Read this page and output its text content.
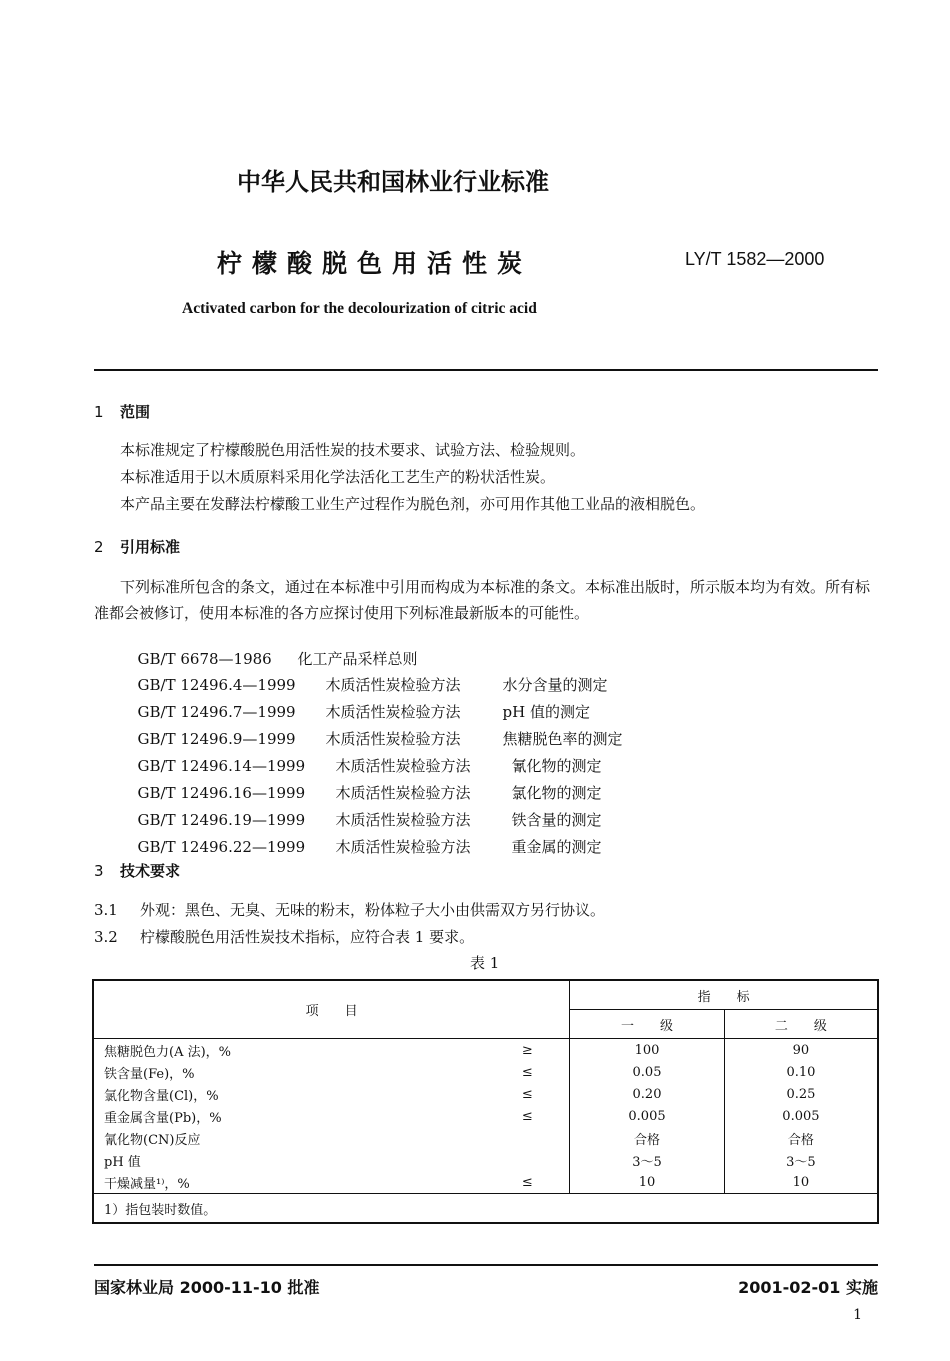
中华人民共和国林业行业标准
柠檬酸脱色用活性炭	LY/T 1582—2000
Activated carbon for the decolourization of citric acid
1 范围
本标准规定了柠檬酸脱色用活性炭的技术要求、试验方法、检验规则。
本标准适用于以木质原料采用化学法活化工艺生产的粉状活性炭。
本产品主要在发酵法柠檬酸工业生产过程作为脱色剂，亦可用作其他工业品的液相脱色。
2 引用标准
下列标准所包含的条文，通过在本标准中引用而构成为本标准的条文。本标准出版时，所示版本均为有效。所有标准都会被修订，使用本标准的各方应探讨使用下列标准最新版本的可能性。

GB/T 6678—1986 化工产品采样总则

GB/T 12496.4—1999 木质活性炭检验方法	水分含量的测定

GB/T 12496.7—1999 木质活性炭检验方法	pH 值的测定

GB/T 12496.9—1999 木质活性炭检验方法	焦糖脱色率的测定

GB/T 12496.14—1999 木质活性炭检验方法	氰化物的测定

GB/T 12496.16—1999 木质活性炭检验方法	氯化物的测定

GB/T 12496.19—1999 木质活性炭检验方法	铁含量的测定

GB/T 12496.22—1999 木质活性炭检验方法	重金属的测定

3 技术要求
3.1 外观：黑色、无臭、无味的粉末，粉体粒子大小由供需双方另行协议。
3.2 柠檬酸脱色用活性炭技术指标，应符合表 1 要求。
表 1
项　　目		指　　标	
		一　　级	二　　级
焦糖脱色力(A 法)，%	≥	100	90
铁含量(Fe)，%	≤	0.05	0.10
氯化物含量(Cl)，%	≤	0.20	0.25
重金属含量(Pb)，%	≤	0.005	0.005
氰化物(CN)反应		合格	合格
pH 值		3～5	3～5
干燥减量¹⁾，%	≤	10	10
1）指包装时数值。			
国家林业局 2000-11-10 批准	2001-02-01 实施
1
